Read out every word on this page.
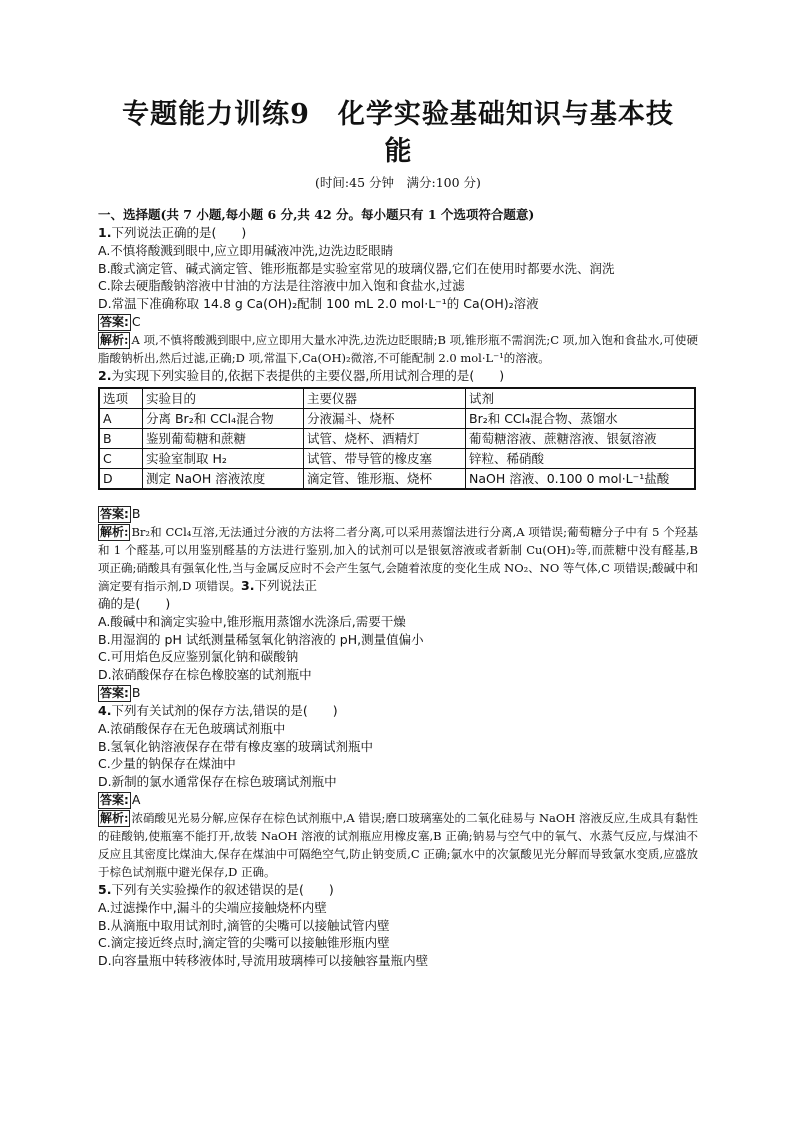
专题能力训练9　化学实验基础知识与基本技

能

(时间:45 分钟　满分:100 分)

一、选择题(共 7 小题,每小题 6 分,共 42 分。每小题只有 1 个选项符合题意)

1.下列说法正确的是(　　)

A.不慎将酸溅到眼中,应立即用碱液冲洗,边洗边眨眼睛

B.酸式滴定管、碱式滴定管、锥形瓶都是实验室常见的玻璃仪器,它们在使用时都要水洗、润洗

C.除去硬脂酸钠溶液中甘油的方法是往溶液中加入饱和食盐水,过滤

D.常温下准确称取 14.8 g Ca(OH)₂配制 100 mL 2.0 mol·L⁻¹的 Ca(OH)₂溶液

答案: C

解析: A 项,不慎将酸溅到眼中,应立即用大量水冲洗,边洗边眨眼睛;B 项,锥形瓶不需润洗;C 项,加入饱和食盐水,可使硬脂酸钠析出,然后过滤,正确;D 项,常温下,Ca(OH)₂微溶,不可能配制 2.0 mol·L⁻¹的溶液。

2.为实现下列实验目的,依据下表提供的主要仪器,所用试剂合理的是(　　)

选项	实验目的	主要仪器	试剂
A	分离 Br₂和 CCl₄混合物	分液漏斗、烧杯	Br₂和 CCl₄混合物、蒸馏水
B	鉴别葡萄糖和蔗糖	试管、烧杯、酒精灯	葡萄糖溶液、蔗糖溶液、银氨溶液
C	实验室制取 H₂	试管、带导管的橡皮塞	锌粒、稀硝酸
D	测定 NaOH 溶液浓度	滴定管、锥形瓶、烧杯	NaOH 溶液、0.100 0 mol·L⁻¹盐酸

答案: B

解析: Br₂和 CCl₄互溶,无法通过分液的方法将二者分离,可以采用蒸馏法进行分离,A 项错误;葡萄糖分子中有 5 个羟基和 1 个醛基,可以用鉴别醛基的方法进行鉴别,加入的试剂可以是银氨溶液或者新制 Cu(OH)₂等,而蔗糖中没有醛基,B 项正确;硝酸具有强氧化性,当与金属反应时不会产生氢气,会随着浓度的变化生成 NO₂、NO 等气体,C 项错误;酸碱中和滴定要有指示剂,D 项错误。3.下列说法正

确的是(　　)

A.酸碱中和滴定实验中,锥形瓶用蒸馏水洗涤后,需要干燥

B.用湿润的 pH 试纸测量稀氢氧化钠溶液的 pH,测量值偏小

C.可用焰色反应鉴别氯化钠和碳酸钠

D.浓硝酸保存在棕色橡胶塞的试剂瓶中

答案: B

4.下列有关试剂的保存方法,错误的是(　　)

A.浓硝酸保存在无色玻璃试剂瓶中

B.氢氧化钠溶液保存在带有橡皮塞的玻璃试剂瓶中

C.少量的钠保存在煤油中

D.新制的氯水通常保存在棕色玻璃试剂瓶中

答案: A

解析: 浓硝酸见光易分解,应保存在棕色试剂瓶中,A 错误;磨口玻璃塞处的二氧化硅易与 NaOH 溶液反应,生成具有黏性的硅酸钠,使瓶塞不能打开,故装 NaOH 溶液的试剂瓶应用橡皮塞,B 正确;钠易与空气中的氧气、水蒸气反应,与煤油不反应且其密度比煤油大,保存在煤油中可隔绝空气,防止钠变质,C 正确;氯水中的次氯酸见光分解而导致氯水变质,应盛放于棕色试剂瓶中避光保存,D 正确。

5.下列有关实验操作的叙述错误的是(　　)

A.过滤操作中,漏斗的尖端应接触烧杯内壁

B.从滴瓶中取用试剂时,滴管的尖嘴可以接触试管内壁

C.滴定接近终点时,滴定管的尖嘴可以接触锥形瓶内壁

D.向容量瓶中转移液体时,导流用玻璃棒可以接触容量瓶内壁
